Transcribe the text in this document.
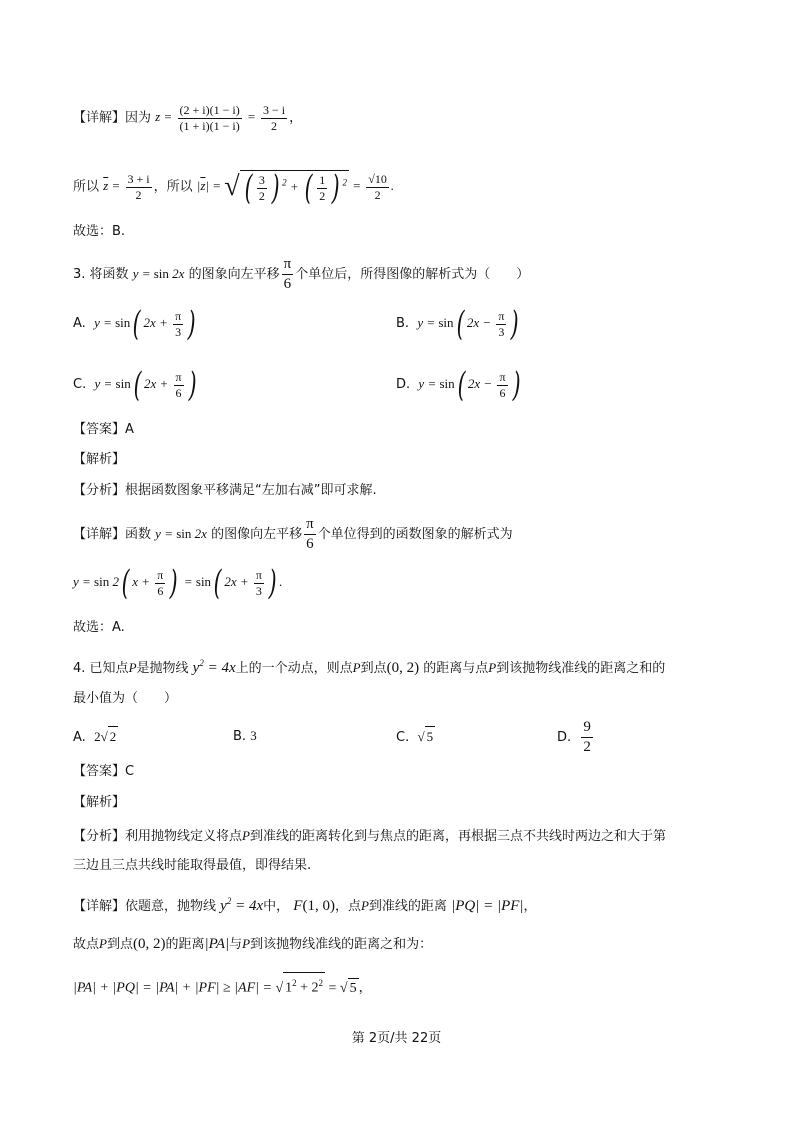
【详解】因为 $z = \frac{(2 + i)(1 - i)}{(1 + i)(1 - i)} = \frac{3 - i}{2}$ ，
所以 $\overline{z} = \frac{3 + i}{2}$ ，所以 $|\overline{z}|$ = √ ( $\frac{3}{2}$ ) $^2$ + ( $\frac{1}{2}$ ) $^2 = \frac{√10}{2}$ .
故选：B.
3. 将函数 y = sin 2x 的图象向左平移 $\frac{\pi}{6}$ 个单位后，所得图像的解析式为（　　）
A. y = sin( $2x + \frac{\pi}{3}$ )	B. y = sin( $2x - \frac{\pi}{3}$ )
C. y = sin( $2x + \frac{\pi}{6}$ )	D. y = sin( $2x - \frac{\pi}{6}$ )
【答案】A
【解析】
【分析】根据函数图象平移满足“左加右减”即可求解.
【详解】函数 y = sin 2x 的图像向左平移 $\frac{\pi}{6}$ 个单位得到的函数图象的解析式为
y = sin 2( $x + \frac{\pi}{6}$ ) = sin( $2x + \frac{\pi}{3}$ ) .
故选：A.
4. 已知点P是抛物线 $y^2 = 4x$上的一个动点，则点P到点(0, 2) 的距离与点P到该抛物线准线的距离之和的
最小值为（　　）
A. 2√ 2	B. 3	C. √ 5	D. $\frac{9}{2}$
【答案】C
【解析】
【分析】利用抛物线定义将点P到准线的距离转化到与焦点的距离，再根据三点不共线时两边之和大于第
三边且三点共线时能取得最值，即得结果.
【详解】依题意，抛物线 $y^2 = 4x$中， F(1, 0)，点P到准线的距离 |PQ| = |PF|，
故点P到点(0, 2)的距离|PA|与P到该抛物线准线的距离之和为：
|PA| + |PQ| = |PA| + |PF| ≥ |AF| = √ $1^2 + 2^2$ = √ 5 ，
第 2页/共 22页
